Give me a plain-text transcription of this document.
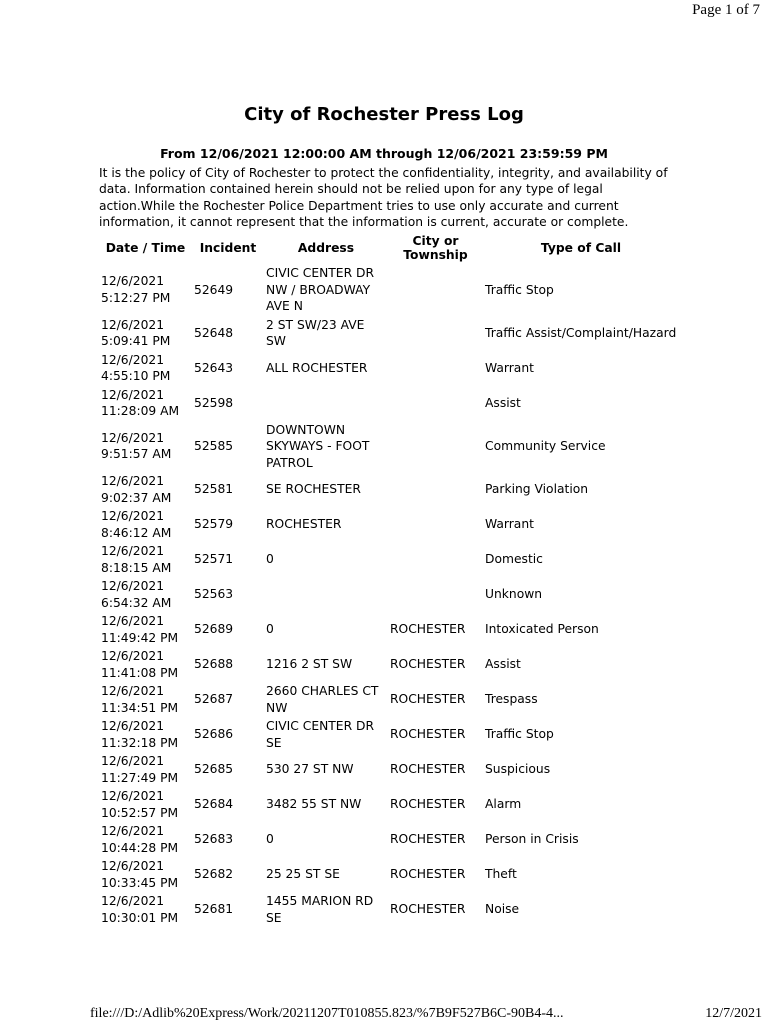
Page 1 of 7
City of Rochester Press Log
From 12/06/2021 12:00:00 AM through 12/06/2021 23:59:59 PM
It is the policy of City of Rochester to protect the confidentiality, integrity, and availability of data. Information contained herein should not be relied upon for any type of legal action.While the Rochester Police Department tries to use only accurate and current information, it cannot represent that the information is current, accurate or complete.
Date / Time	Incident	Address	City or Township	Type of Call

12/6/2021
5:12:27 PM	52649	CIVIC CENTER DR NW / BROADWAY AVE N		Traffic Stop

12/6/2021
5:09:41 PM	52648	2 ST SW/23 AVE SW		Traffic Assist/Complaint/Hazard

12/6/2021
4:55:10 PM	52643	ALL ROCHESTER		Warrant

12/6/2021
11:28:09 AM	52598			Assist

12/6/2021
9:51:57 AM	52585	DOWNTOWN SKYWAYS - FOOT PATROL		Community Service

12/6/2021
9:02:37 AM	52581	SE ROCHESTER		Parking Violation

12/6/2021
8:46:12 AM	52579	ROCHESTER		Warrant

12/6/2021
8:18:15 AM	52571	0		Domestic

12/6/2021
6:54:32 AM	52563			Unknown

12/6/2021
11:49:42 PM	52689	0	ROCHESTER	Intoxicated Person

12/6/2021
11:41:08 PM	52688	1216 2 ST SW	ROCHESTER	Assist

12/6/2021
11:34:51 PM	52687	2660 CHARLES CT NW	ROCHESTER	Trespass

12/6/2021
11:32:18 PM	52686	CIVIC CENTER DR SE	ROCHESTER	Traffic Stop

12/6/2021
11:27:49 PM	52685	530 27 ST NW	ROCHESTER	Suspicious

12/6/2021
10:52:57 PM	52684	3482 55 ST NW	ROCHESTER	Alarm

12/6/2021
10:44:28 PM	52683	0	ROCHESTER	Person in Crisis

12/6/2021
10:33:45 PM	52682	25 25 ST SE	ROCHESTER	Theft

12/6/2021
10:30:01 PM	52681	1455 MARION RD SE	ROCHESTER	Noise
file:///D:/Adlib%20Express/Work/20211207T010855.823/%7B9F527B6C-90B4-4...	12/7/2021
